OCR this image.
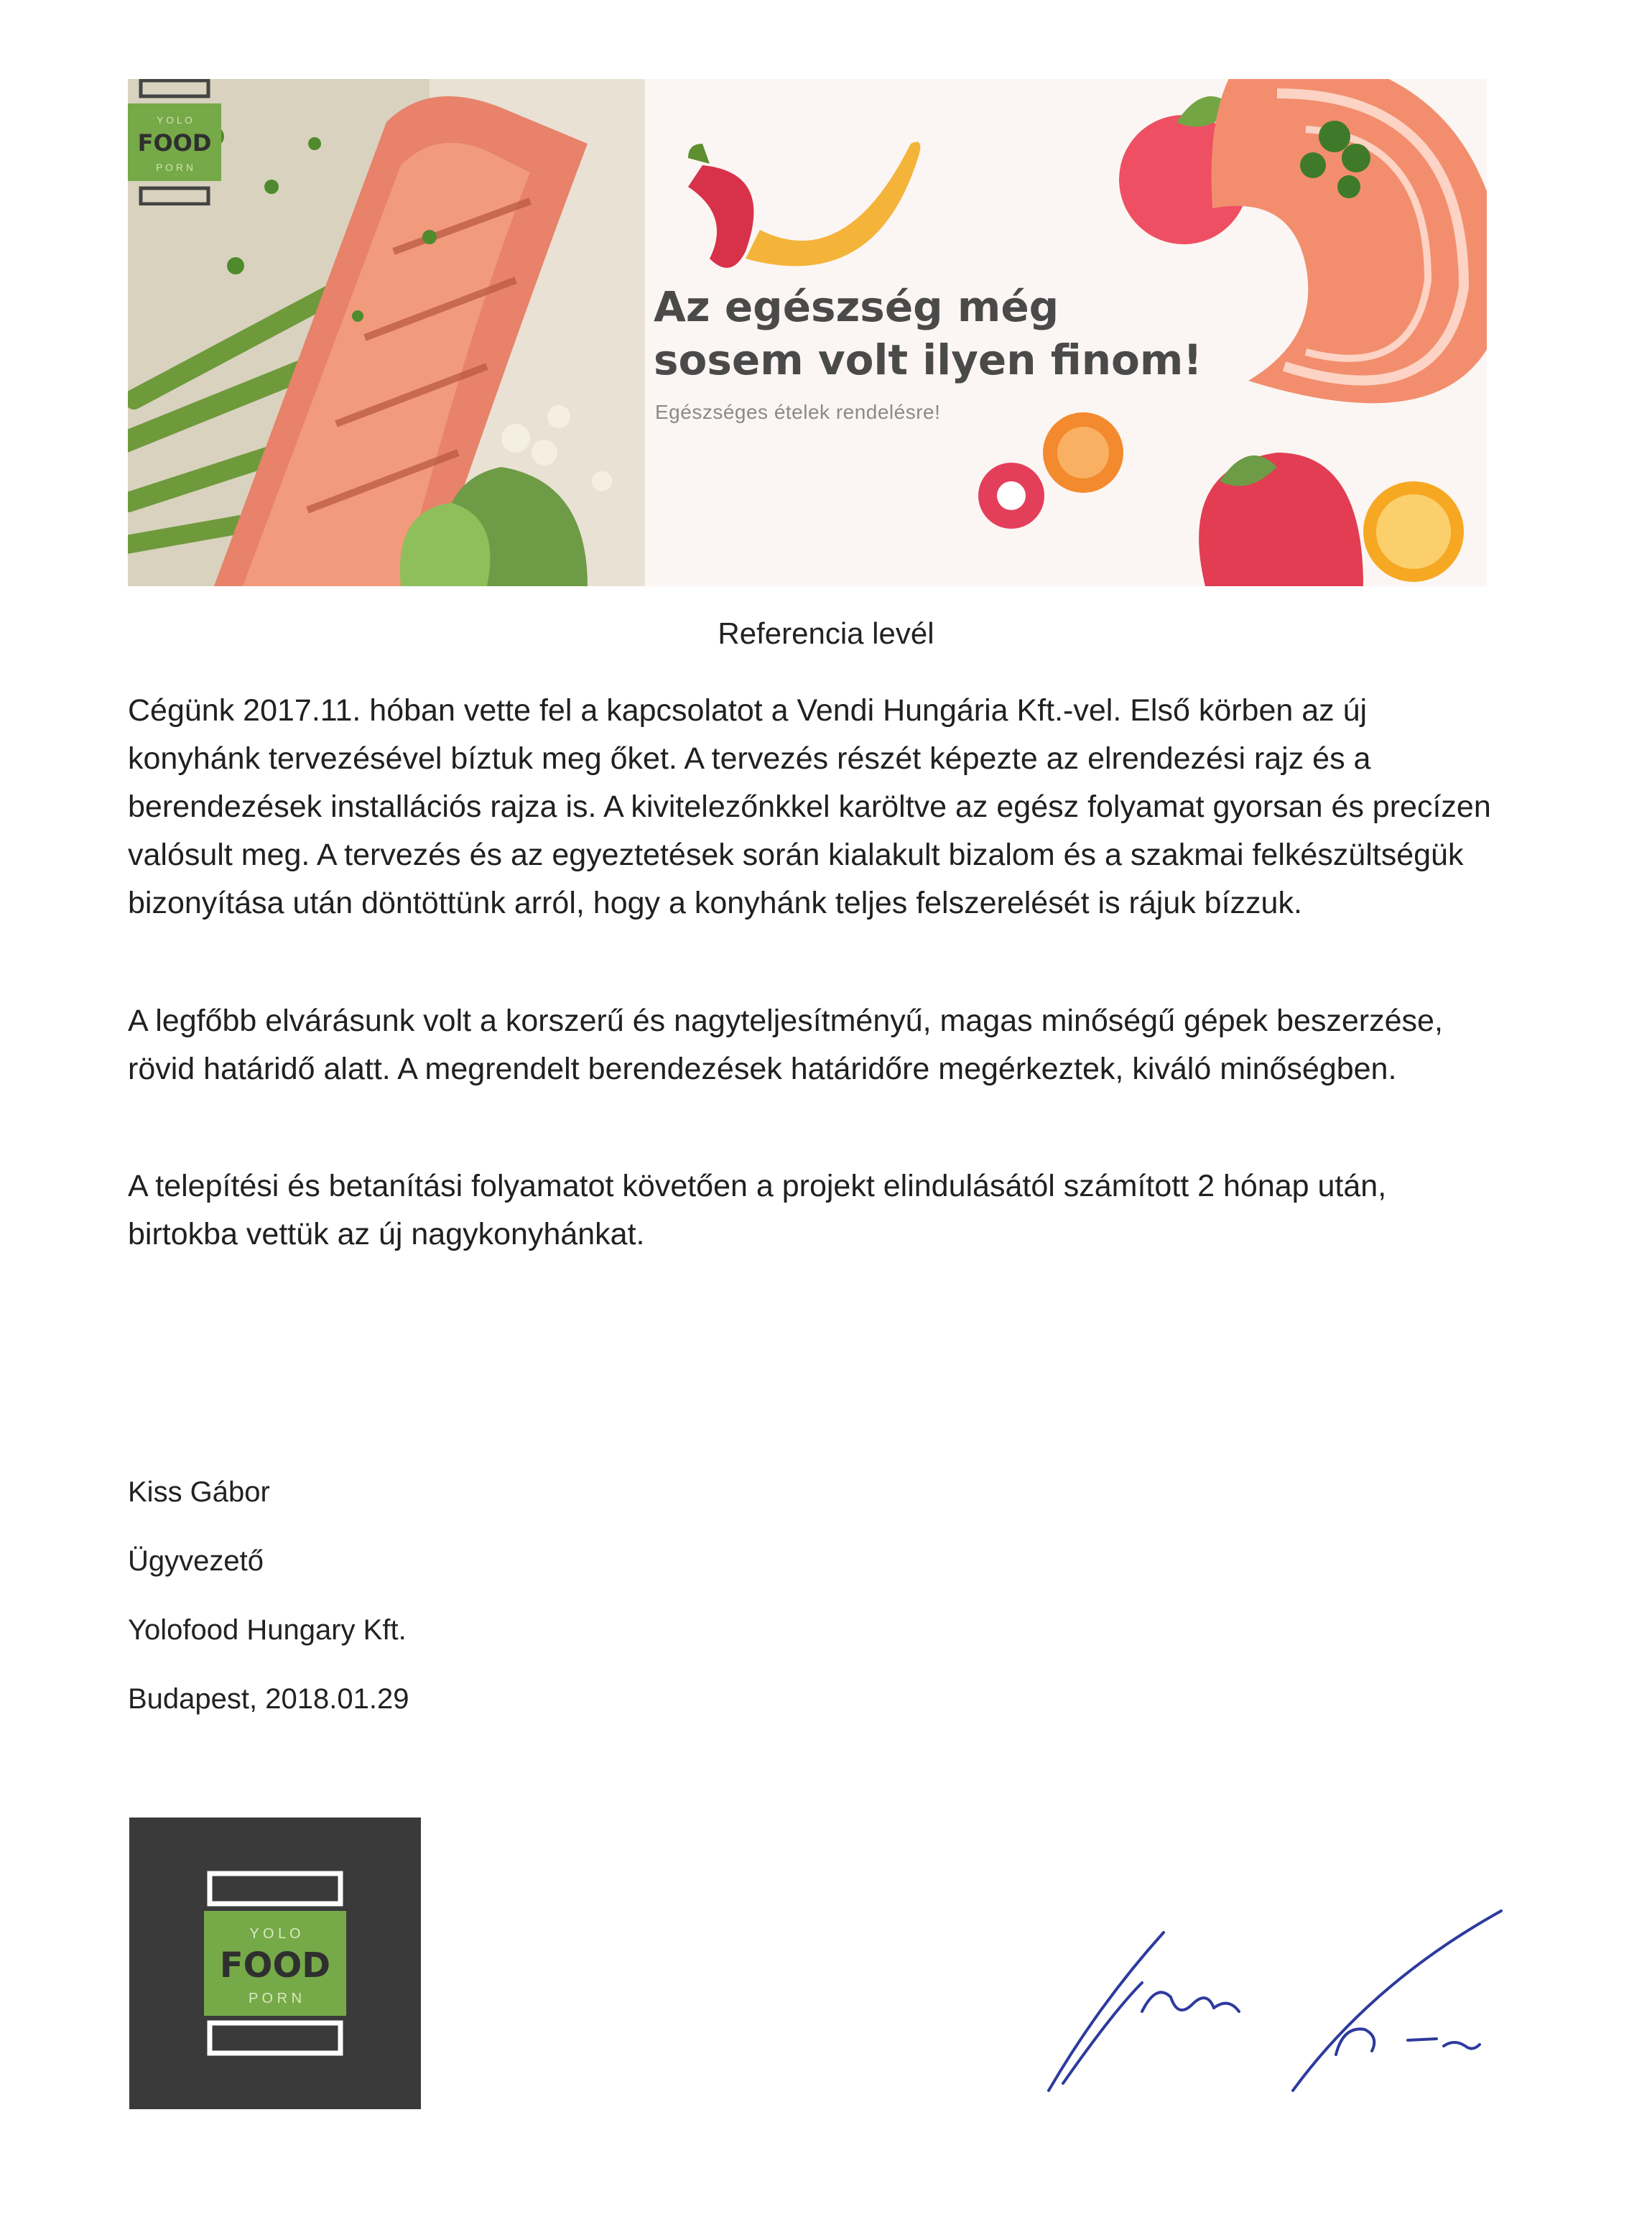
Az egészség még
sosem volt ilyen finom!
Egészséges ételek rendelésre!
Y O L O
FOOD
P O R N
Referencia levél

Cégünk 2017.11. hóban vette fel a kapcsolatot a Vendi Hungária Kft.-vel. Első körben az új konyhánk tervezésével bíztuk meg őket. A tervezés részét képezte az elrendezési rajz és a berendezések installációs rajza is. A kivitelezőnkkel karöltve az egész folyamat gyorsan és precízen valósult meg. A tervezés és az egyeztetések során kialakult bizalom és a szakmai felkészültségük bizonyítása után döntöttünk arról, hogy a konyhánk teljes felszerelését is rájuk bízzuk.

A legfőbb elvárásunk volt a korszerű és nagyteljesítményű, magas minőségű gépek beszerzése, rövid határidő alatt. A megrendelt berendezések határidőre megérkeztek, kiváló minőségben.

A telepítési és betanítási folyamatot követően a projekt elindulásától számított 2 hónap után, birtokba vettük az új nagykonyhánkat.

Kiss Gábor
Ügyvezető
Yolofood Hungary Kft.
Budapest, 2018.01.29
Y O L O
FOOD
P O R N
